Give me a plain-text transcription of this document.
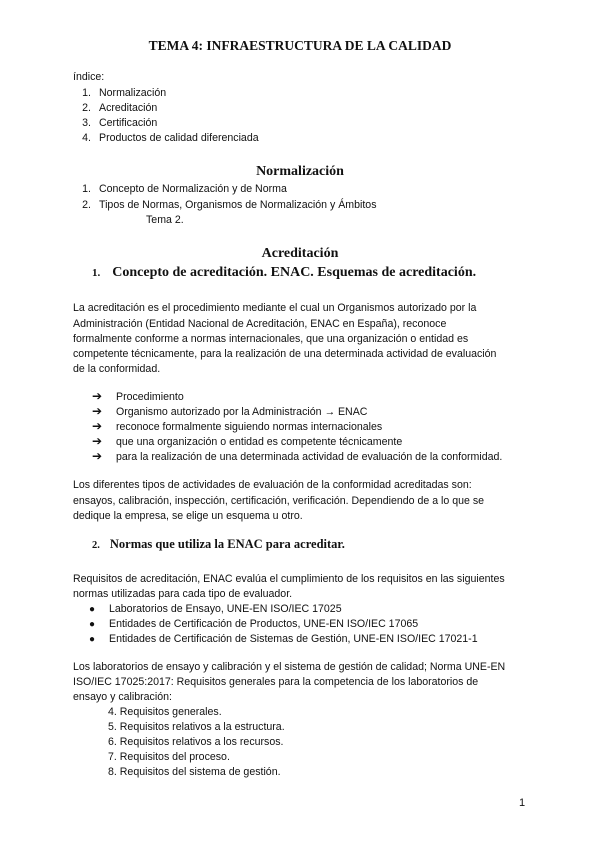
TEMA 4: INFRAESTRUCTURA DE LA CALIDAD
índice:
1. Normalización
2. Acreditación
3. Certificación
4. Productos de calidad diferenciada
Normalización
1. Concepto de Normalización y de Norma
2. Tipos de Normas, Organismos de Normalización y Ámbitos
Tema 2.
Acreditación
1. Concepto de acreditación. ENAC. Esquemas de acreditación.
La acreditación es el procedimiento mediante el cual un Organismos autorizado por la
Administración (Entidad Nacional de Acreditación, ENAC en España), reconoce
formalmente conforme a normas internacionales, que una organización o entidad es
competente técnicamente, para la realización de una determinada actividad de evaluación
de la conformidad.
➔ Procedimiento
➔ Organismo autorizado por la Administración → ENAC
➔ reconoce formalmente siguiendo normas internacionales
➔ que una organización o entidad es competente técnicamente
➔ para la realización de una determinada actividad de evaluación de la conformidad.
Los diferentes tipos de actividades de evaluación de la conformidad acreditadas son:
ensayos, calibración, inspección, certificación, verificación. Dependiendo de a lo que se
dedique la empresa, se elige un esquema u otro.
2. Normas que utiliza la ENAC para acreditar.
Requisitos de acreditación, ENAC evalúa el cumplimiento de los requisitos en las siguientes
normas utilizadas para cada tipo de evaluador.
● Laboratorios de Ensayo, UNE-EN ISO/IEC 17025
● Entidades de Certificación de Productos, UNE-EN ISO/IEC 17065
● Entidades de Certificación de Sistemas de Gestión, UNE-EN ISO/IEC 17021-1
Los laboratorios de ensayo y calibración y el sistema de gestión de calidad; Norma UNE-EN
ISO/IEC 17025:2017: Requisitos generales para la competencia de los laboratorios de
ensayo y calibración:
4. Requisitos generales.
5. Requisitos relativos a la estructura.
6. Requisitos relativos a los recursos.
7. Requisitos del proceso.
8. Requisitos del sistema de gestión.
1
